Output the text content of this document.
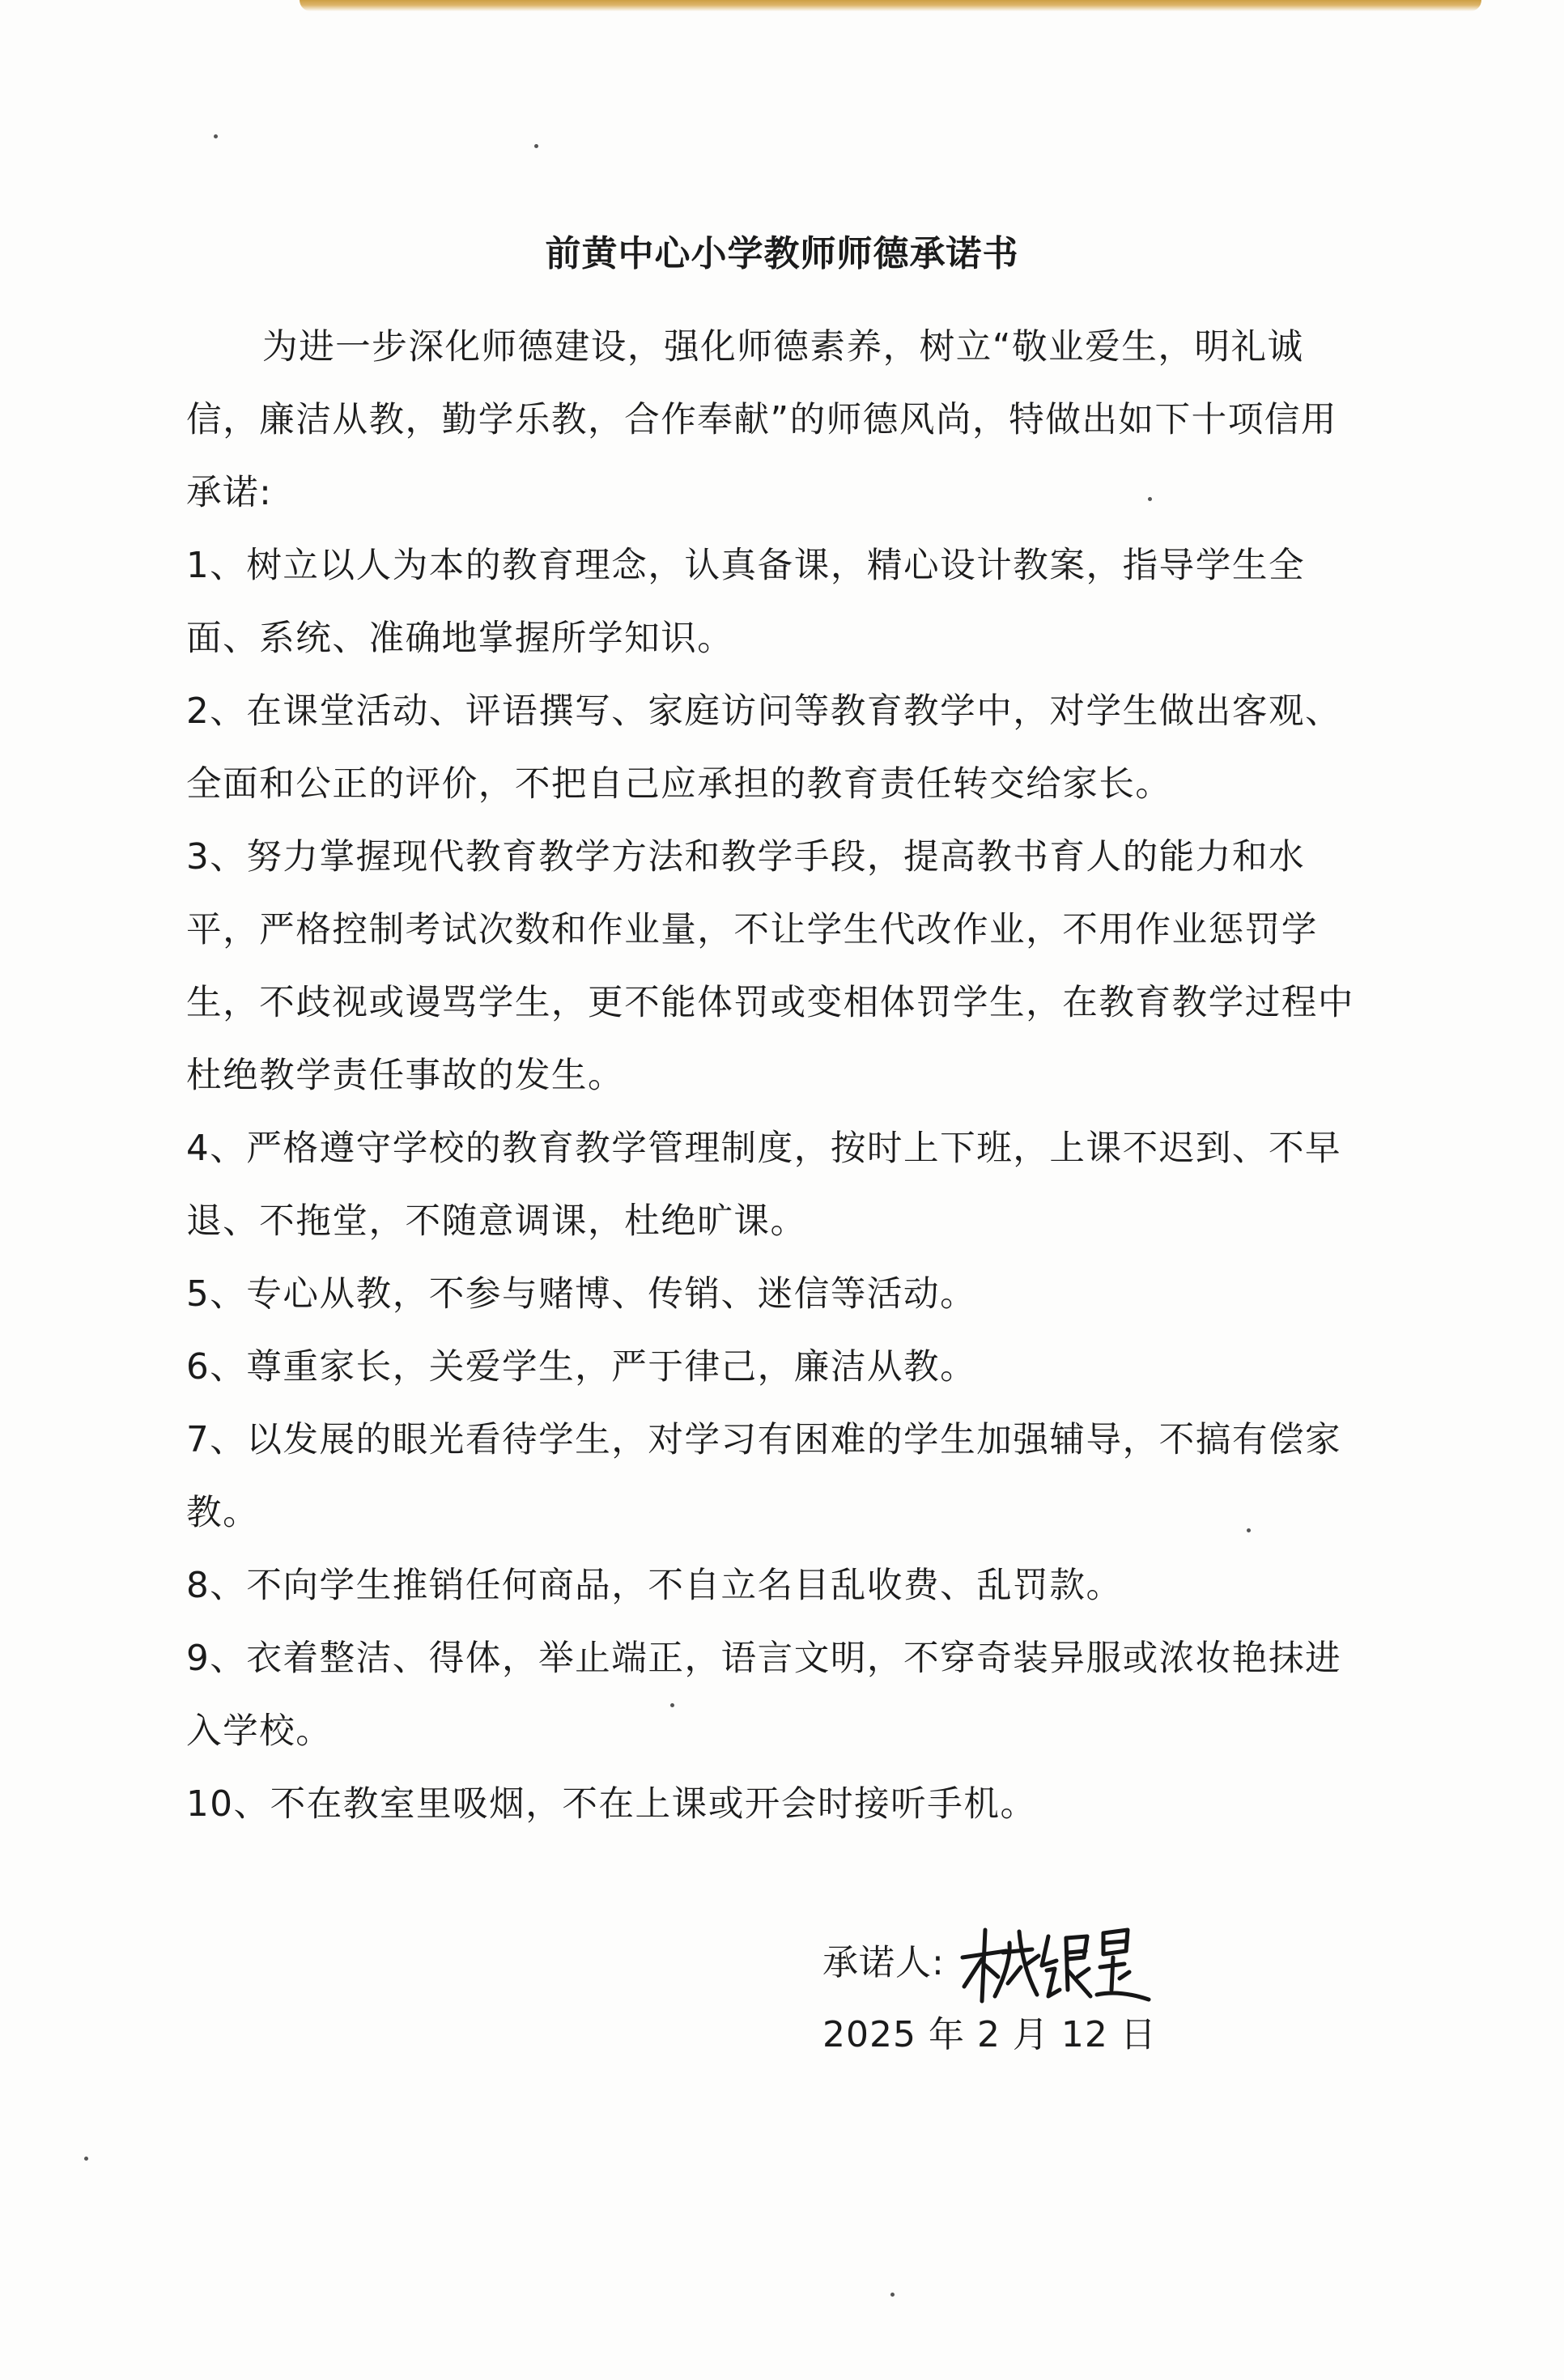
前黄中心小学教师师德承诺书

为进一步深化师德建设，强化师德素养，树立“敬业爱生，明礼诚信，廉洁从教，勤学乐教，合作奉献”的师德风尚，特做出如下十项信用承诺:

1、树立以人为本的教育理念，认真备课，精心设计教案，指导学生全面、系统、准确地掌握所学知识。

2、在课堂活动、评语撰写、家庭访问等教育教学中，对学生做出客观、全面和公正的评价，不把自己应承担的教育责任转交给家长。

3、努力掌握现代教育教学方法和教学手段，提高教书育人的能力和水平，严格控制考试次数和作业量，不让学生代改作业，不用作业惩罚学生，不歧视或谩骂学生，更不能体罚或变相体罚学生，在教育教学过程中杜绝教学责任事故的发生。

4、严格遵守学校的教育教学管理制度，按时上下班，上课不迟到、不早退、不拖堂，不随意调课，杜绝旷课。

5、专心从教，不参与赌博、传销、迷信等活动。

6、尊重家长，关爱学生，严于律己，廉洁从教。

7、以发展的眼光看待学生，对学习有困难的学生加强辅导，不搞有偿家教。

8、不向学生推销任何商品，不自立名目乱收费、乱罚款。

9、衣着整洁、得体，举止端正，语言文明，不穿奇装异服或浓妆艳抹进入学校。

10、不在教室里吸烟，不在上课或开会时接听手机。

承诺人:
2025 年 2 月 12 日
